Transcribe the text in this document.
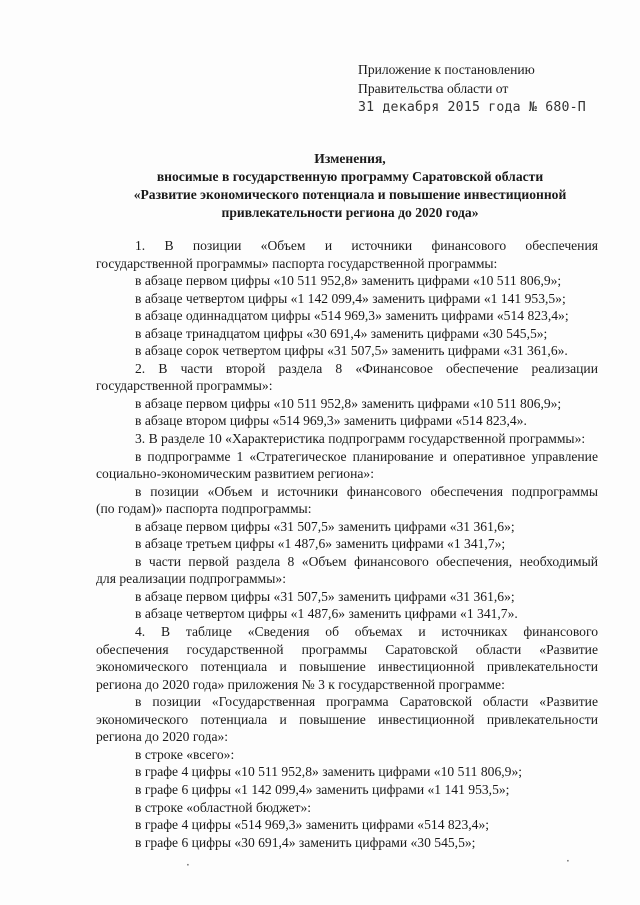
Приложение к постановлению
Правительства области от
31 декабря 2015 года № 680-П
Изменения,
вносимые в государственную программу Саратовской области
«Развитие экономического потенциала и повышение инвестиционной
привлекательности региона до 2020 года»

1. В позиции «Объем и источники финансового обеспечения

государственной программы» паспорта государственной программы:

в абзаце первом цифры «10 511 952,8» заменить цифрами «10 511 806,9»;

в абзаце четвертом цифры «1 142 099,4» заменить цифрами «1 141 953,5»;

в абзаце одиннадцатом цифры «514 969,3» заменить цифрами «514 823,4»;

в абзаце тринадцатом цифры «30 691,4» заменить цифрами «30 545,5»;

в абзаце сорок четвертом цифры «31 507,5» заменить цифрами «31 361,6».

2. В части второй раздела 8 «Финансовое обеспечение реализации

государственной программы»:

в абзаце первом цифры «10 511 952,8» заменить цифрами «10 511 806,9»;

в абзаце втором цифры «514 969,3» заменить цифрами «514 823,4».

3. В разделе 10 «Характеристика подпрограмм государственной программы»:

в подпрограмме 1 «Стратегическое планирование и оперативное управление

социально-экономическим развитием региона»:

в позиции «Объем и источники финансового обеспечения подпрограммы

(по годам)» паспорта подпрограммы:

в абзаце первом цифры «31 507,5» заменить цифрами «31 361,6»;

в абзаце третьем цифры «1 487,6» заменить цифрами «1 341,7»;

в части первой раздела 8 «Объем финансового обеспечения, необходимый

для реализации подпрограммы»:

в абзаце первом цифры «31 507,5» заменить цифрами «31 361,6»;

в абзаце четвертом цифры «1 487,6» заменить цифрами «1 341,7».

4. В таблице «Сведения об объемах и источниках финансового

обеспечения государственной программы Саратовской области «Развитие

экономического потенциала и повышение инвестиционной привлекательности

региона до 2020 года» приложения № 3 к государственной программе:

в позиции «Государственная программа Саратовской области «Развитие

экономического потенциала и повышение инвестиционной привлекательности

региона до 2020 года»:

в строке «всего»:

в графе 4 цифры «10 511 952,8» заменить цифрами «10 511 806,9»;

в графе 6 цифры «1 142 099,4» заменить цифрами «1 141 953,5»;

в строке «областной бюджет»:

в графе 4 цифры «514 969,3» заменить цифрами «514 823,4»;

в графе 6 цифры «30 691,4» заменить цифрами «30 545,5»;

·	·
